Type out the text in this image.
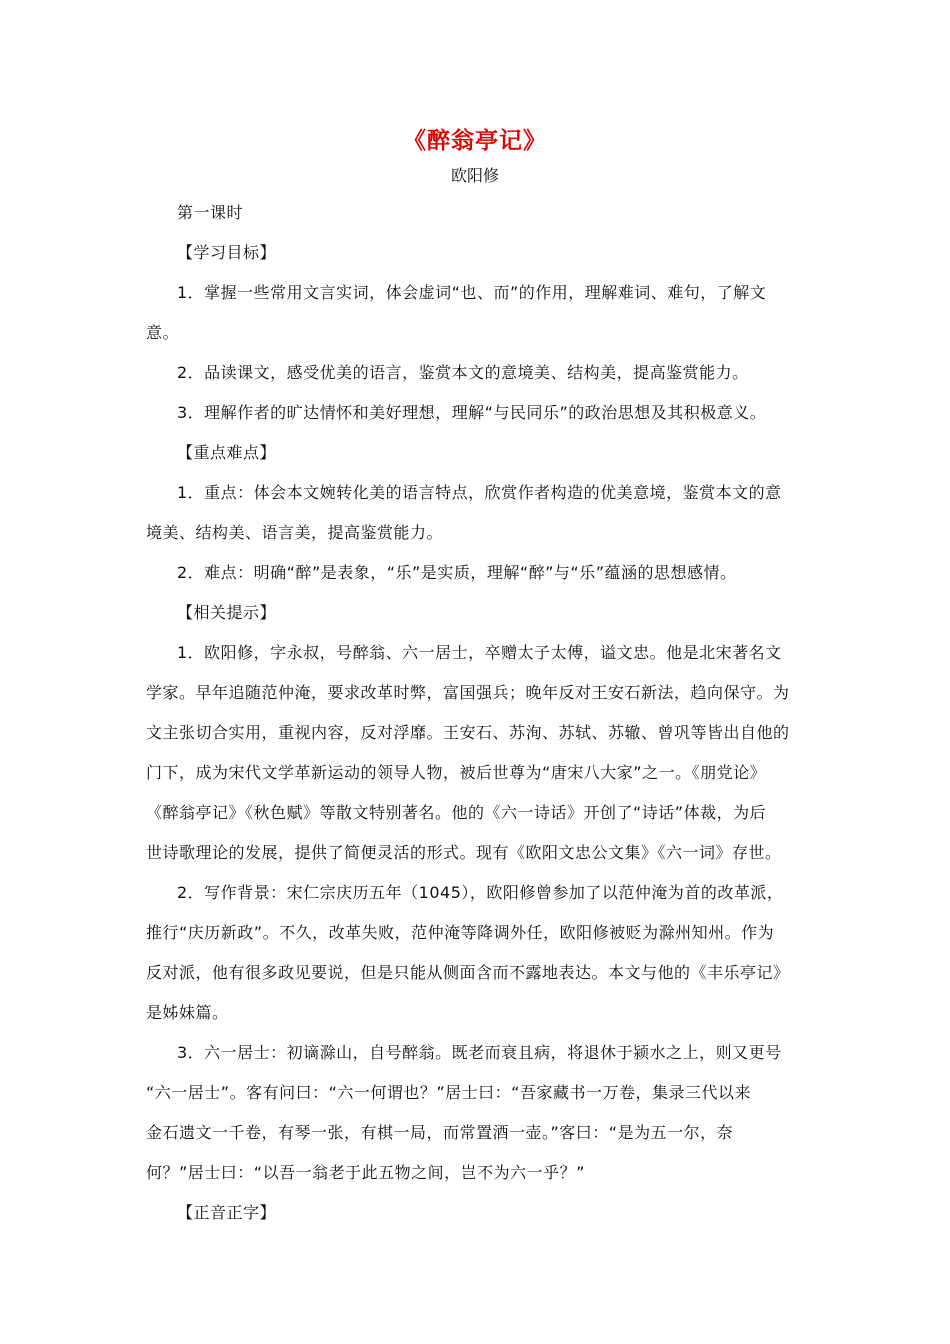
《醉翁亭记》
欧阳修
第一课时
【学习目标】
1．掌握一些常用文言实词，体会虚词“也、而”的作用，理解难词、难句，了解文
意。
2．品读课文，感受优美的语言，鉴赏本文的意境美、结构美，提高鉴赏能力。
3．理解作者的旷达情怀和美好理想，理解“与民同乐”的政治思想及其积极意义。
【重点难点】
1．重点：体会本文婉转化美的语言特点，欣赏作者构造的优美意境，鉴赏本文的意
境美、结构美、语言美，提高鉴赏能力。
2．难点：明确“醉”是表象，“乐”是实质，理解“醉”与“乐”蕴涵的思想感情。
【相关提示】
1．欧阳修，字永叔，号醉翁、六一居士，卒赠太子太傅，谥文忠。他是北宋著名文
学家。早年追随范仲淹，要求改革时弊，富国强兵；晚年反对王安石新法，趋向保守。为
文主张切合实用，重视内容，反对浮靡。王安石、苏洵、苏轼、苏辙、曾巩等皆出自他的
门下，成为宋代文学革新运动的领导人物，被后世尊为“唐宋八大家”之一。《朋党论》
《醉翁亭记》《秋色赋》等散文特别著名。他的《六一诗话》开创了“诗话”体裁，为后
世诗歌理论的发展，提供了简便灵活的形式。现有《欧阳文忠公文集》《六一词》存世。
2．写作背景：宋仁宗庆历五年（1045），欧阳修曾参加了以范仲淹为首的改革派，
推行“庆历新政”。不久，改革失败，范仲淹等降调外任，欧阳修被贬为滁州知州。作为
反对派，他有很多政见要说，但是只能从侧面含而不露地表达。本文与他的《丰乐亭记》
是姊妹篇。
3．六一居士：初谪滁山，自号醉翁。既老而衰且病，将退休于颍水之上，则又更号
“六一居士”。客有问曰：“六一何谓也？”居士曰：“吾家藏书一万卷，集录三代以来
金石遗文一千卷，有琴一张，有棋一局，而常置酒一壶。”客曰：“是为五一尔，奈
何？”居士曰：“以吾一翁老于此五物之间，岂不为六一乎？”
【正音正字】
